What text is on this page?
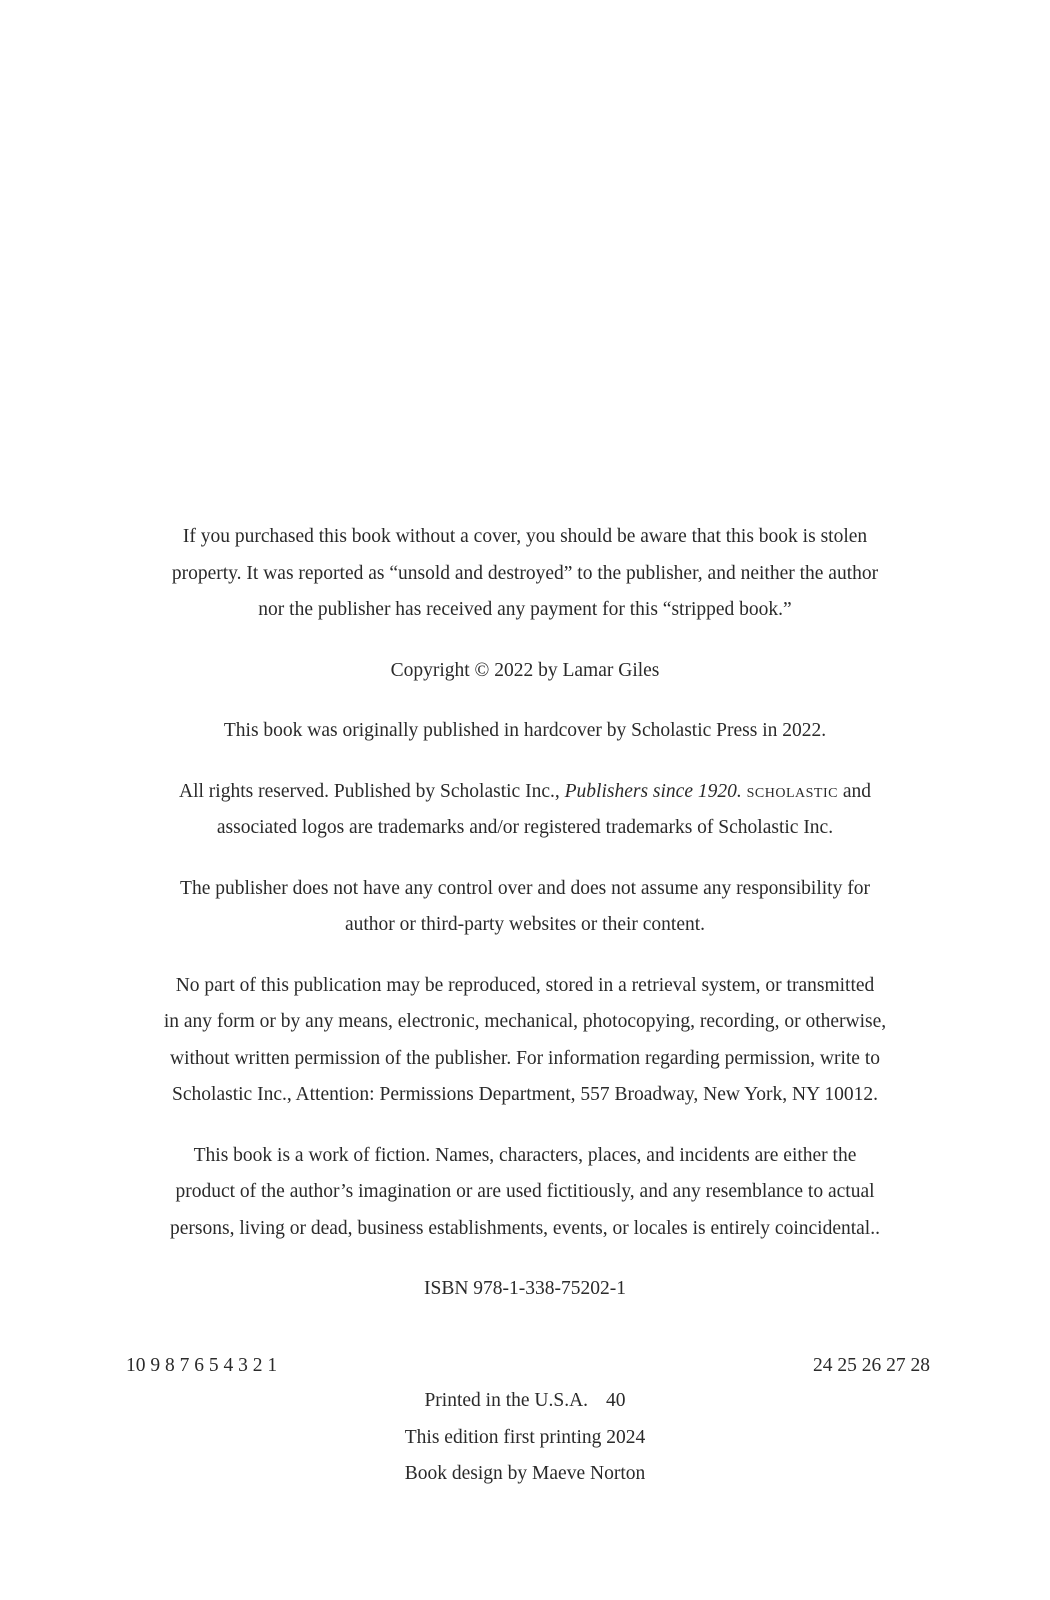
If you purchased this book without a cover, you should be aware that this book is stolen
property. It was reported as “unsold and destroyed” to the publisher, and neither the author
nor the publisher has received any payment for this “stripped book.”
Copyright © 2022 by Lamar Giles
This book was originally published in hardcover by Scholastic Press in 2022.
All rights reserved. Published by Scholastic Inc., Publishers since 1920. scholastic and
associated logos are trademarks and/or registered trademarks of Scholastic Inc.
The publisher does not have any control over and does not assume any responsibility for
author or third-party websites or their content.
No part of this publication may be reproduced, stored in a retrieval system, or transmitted
in any form or by any means, electronic, mechanical, photocopying, recording, or otherwise,
without written permission of the publisher. For information regarding permission, write to
Scholastic Inc., Attention: Permissions Department, 557 Broadway, New York, NY 10012.
This book is a work of fiction. Names, characters, places, and incidents are either the
product of the author’s imagination or are used fictitiously, and any resemblance to actual
persons, living or dead, business establishments, events, or locales is entirely coincidental..
ISBN 978-1-338-75202-1
10 9 8 7 6 5 4 3 2 1	24 25 26 27 28
Printed in the U.S.A. 40
This edition first printing 2024
Book design by Maeve Norton
